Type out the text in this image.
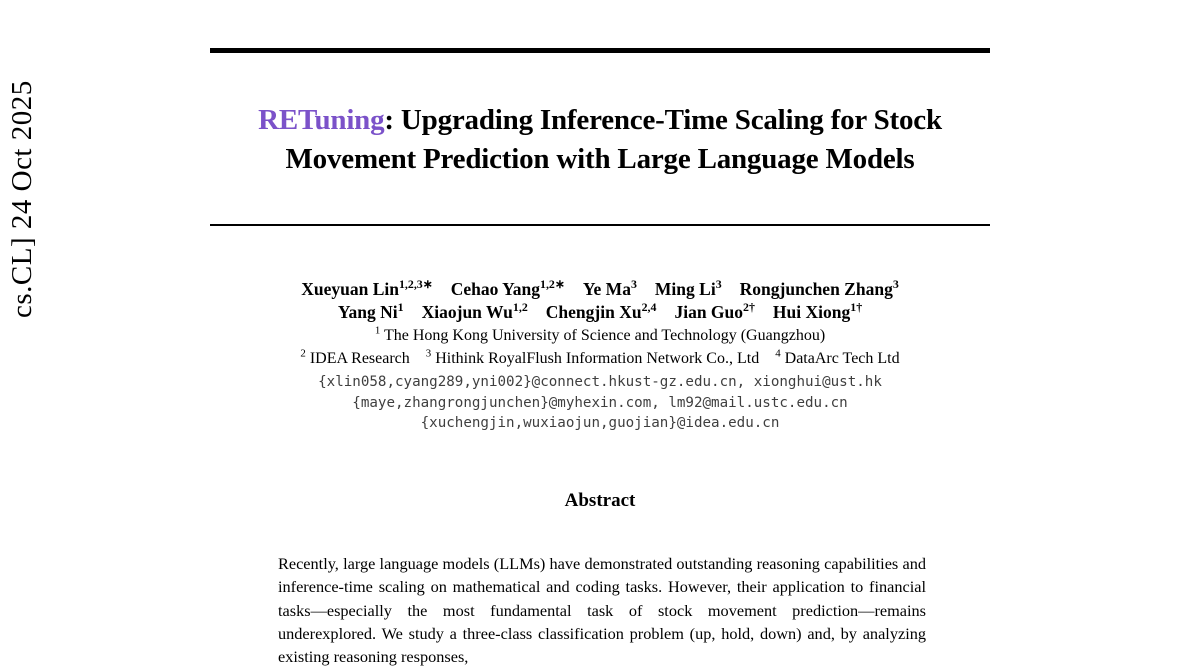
cs.CL] 24 Oct 2025	RETuning: Upgrading Inference-Time Scaling for Stock Movement Prediction with Large Language Models
Xueyuan Lin$^{1,2,3∗}$ Cehao Yang$^{1,2∗}$ Ye Ma$^3$ Ming Li$^3$ Rongjunchen Zhang$^3$
Yang Ni$^1$ Xiaojun Wu$^{1,2}$ Chengjin Xu$^{2,4}$ Jian Guo$^{2\dagger}$ Hui Xiong$^{1\dagger}$
$^1$ The Hong Kong University of Science and Technology (Guangzhou)
$^2$ IDEA Research $^3$ Hithink RoyalFlush Information Network Co., Ltd $^4$ DataArc Tech Ltd
{xlin058,cyang289,yni002}@connect.hkust-gz.edu.cn, xionghui@ust.hk
{maye,zhangrongjunchen}@myhexin.com, lm92@mail.ustc.edu.cn
{xuchengjin,wuxiaojun,guojian}@idea.edu.cn
Abstract

Recently, large language models (LLMs) have demonstrated outstanding reasoning capabilities and inference-time scaling on mathematical and coding tasks. However, their application to financial tasks—especially the most fundamental task of stock movement prediction—remains underexplored. We study a three-class classification problem (up, hold, down) and, by analyzing existing reasoning responses,
